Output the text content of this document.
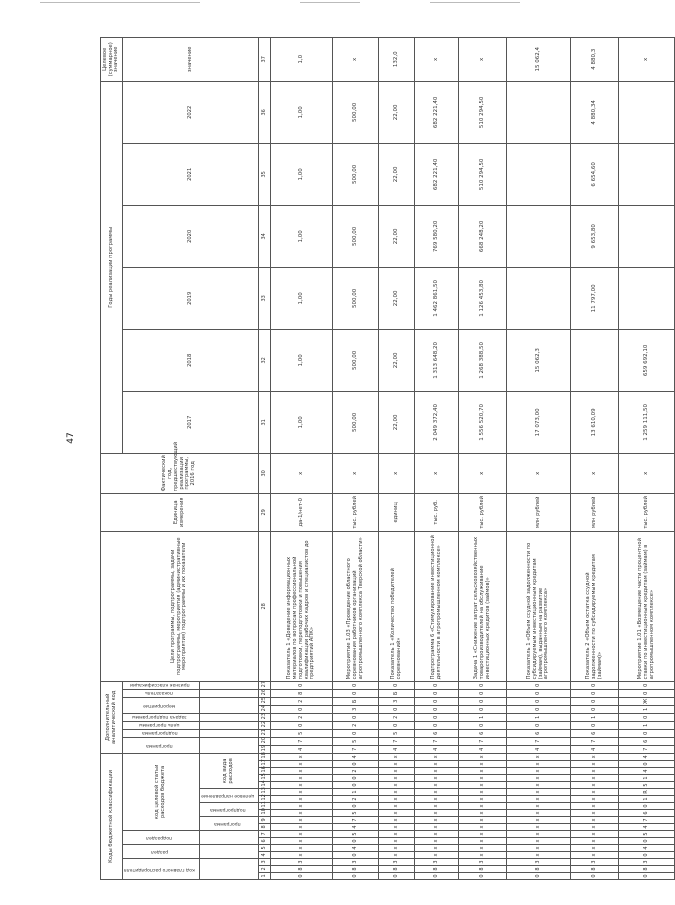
47
Коды бюджетной классификации																		Дополнительный аналитический код									Цели программы, подпрограммы, задачи подпрограммы, мероприятия (административные мероприятия) подпрограммы и их показатели	Единица измерения	Фактический год, предшествующий реализации программы, 2016 год	Годы реализации программы						Целевое (суммарное) значение
код главного распорядителя			раздел		подраздел		код целевой статьи расходов бюджета											программа		подпрограмма	цель программы	задача подпрограммы	мероприятие		показатель	признак классификации				2017	2018	2019	2020	2021	2022	значение
							программа		подпрограмма		целевое направление		код вида расходов																							
1	2	3	4	5	6	7	8	9	10	11	12	13	14	15	16	17	18	19	20	21	22	23	24	25	26	27	28	29	30	31	32	33	34	35	36	37
0	8	3	x	x	x	x	x	x	x	x	x	x	x	x	x	x	x	4	7	5	0	2	0	2	8	0	Показатель 1 «Доведение информационных материалов по вопросам профессиональной подготовки, переподготовки и повышения квалификации рабочих кадров и специалистов до предприятий АПК»	да-1/нет-0	x	1,00	1,00	1,00	1,00	1,00	1,00	1,0
0	8	3	0	4	0	5	4	7	5	0	2	1	0	0	2	0	4	7	5	0	2	0	3	Б	0	0	Мероприятие 1.03 «Проведение областного соревнования работников организаций агропромышленного комплекса Тверской области»	тыс. рублей	x	500,00	500,00	500,00	500,00	500,00	500,00	x
0	8	3	x	x	x	x	x	x	x	x	x	x	x	x	x	x	x	4	7	5	0	2	0	3	Б	0	Показатель 1 «Количество победителей соревнований»	единиц	x	22,00	22,00	22,00	22,00	22,00	22,00	132,0
0	8	3	x	x	x	x	x	x	x	x	x	x	x	x	x	x	x	4	7	6	0	0	0	0	0	0	Подпрограмма 6 «Стимулирование инвестиционной деятельности в агропромышленном комплексе»	тыс. руб.	x	2 049 372,40	1 313 648,20	1 462 861,50	769 580,20	682 221,40	682 221,40	x
0	8	3	x	x	x	x	x	x	x	x	x	x	x	x	x	x	x	4	7	6	0	1	0	0	0	0	Задача 1 «Снижение затрат сельскохозяйственных товаропроизводителей на обслуживание инвестиционных кредитов (займов)»	тыс. рублей	x	1 556 520,70	1 268 388,50	1 126 453,80	668 248,20	510 294,50	510 294,50	x
0	8	3	x	x	x	x	x	x	x	x	x	x	x	x	x	x	x	4	7	6	0	1	0	0	0	0	Показатель 1 «Объем ссудной задолженности по субсидируемым инвестиционным кредитам (займам), выданным на развитие агропромышленного комплекса»	млн рублей	x	17 073,00	15 062,3					15 062,4
0	8	3	x	x	x	x	x	x	x	x	x	x	x	x	x	x	x	4	7	6	0	1	0	0	0	0	Показатель 2 «Объем остатка ссудной задолженности по субсидируемым кредитам (займам)»	млн рублей	x	13 610,09		11 797,00	9 653,80	6 654,60	4 880,34	4 880,3
0	8	3	0	4	0	5	4	7	6	0	1	R	5	1	4	0	4	7	6	0	1	0	1	Ж	0	0	Мероприятие 1.01 «Возмещение части процентной ставки по инвестиционным кредитам (займам) в агропромышленном комплексе»	тыс. рублей	x	1 259 111,50	659 692,10					x
